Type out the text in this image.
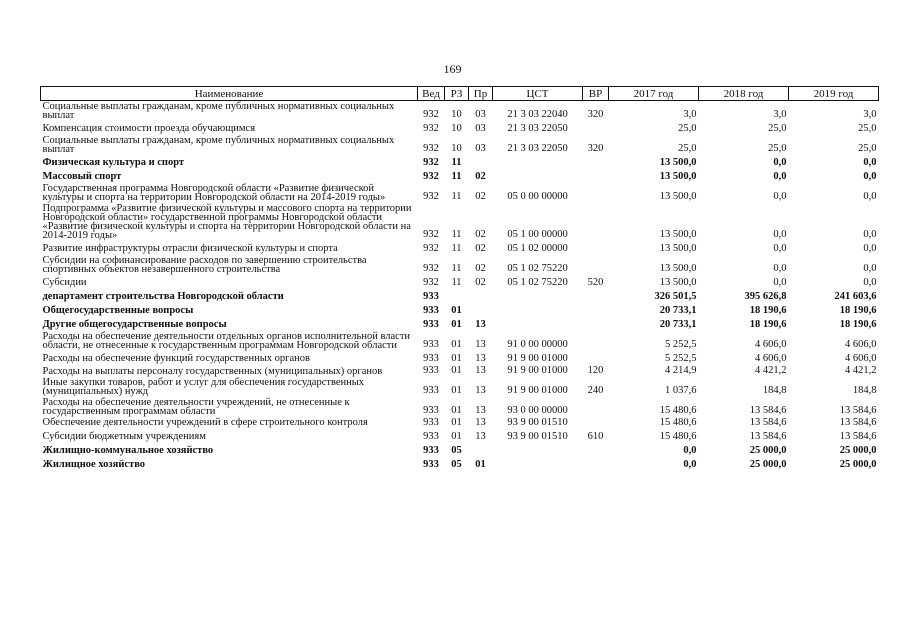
169
Наименование	Вед	РЗ	Пр	ЦСТ	ВР	2017 год	2018 год	2019 год
Социальные выплаты гражданам, кроме публичных нормативных социальных выплат	932	10	03	21 3 03 22040	320	3,0	3,0	3,0
Компенсация стоимости проезда обучающимся	932	10	03	21 3 03 22050		25,0	25,0	25,0
Социальные выплаты гражданам, кроме публичных нормативных социальных выплат	932	10	03	21 3 03 22050	320	25,0	25,0	25,0
Физическая культура и спорт	932	11				13 500,0	0,0	0,0
Массовый спорт	932	11	02			13 500,0	0,0	0,0
Государственная программа Новгородской области «Развитие физической культуры и спорта на территории Новгородской области на 2014-2019 годы»	932	11	02	05 0 00 00000		13 500,0	0,0	0,0
Подпрограмма «Развитие физической культуры и массового спорта на территории Новгородской области» государственной программы Новгородской области «Развитие физической культуры и спорта на территории Новгородской области на 2014-2019 годы»	932	11	02	05 1 00 00000		13 500,0	0,0	0,0
Развитие инфраструктуры отрасли физической культуры и спорта	932	11	02	05 1 02 00000		13 500,0	0,0	0,0
Субсидии на софинансирование расходов по завершению строительства спортивных объектов незавершенного строительства	932	11	02	05 1 02 75220		13 500,0	0,0	0,0
Субсидии	932	11	02	05 1 02 75220	520	13 500,0	0,0	0,0
департамент строительства Новгородской области	933					326 501,5	395 626,8	241 603,6
Общегосударственные вопросы	933	01				20 733,1	18 190,6	18 190,6
Другие общегосударственные вопросы	933	01	13			20 733,1	18 190,6	18 190,6
Расходы на обеспечение деятельности отдельных органов исполнительной власти области, не отнесенные к государственным программам Новгородской области	933	01	13	91 0 00 00000		5 252,5	4 606,0	4 606,0
Расходы на обеспечение функций государственных органов	933	01	13	91 9 00 01000		5 252,5	4 606,0	4 606,0
Расходы на выплаты персоналу государственных (муниципальных) органов	933	01	13	91 9 00 01000	120	4 214,9	4 421,2	4 421,2
Иные закупки товаров, работ и услуг для обеспечения государственных (муниципальных) нужд	933	01	13	91 9 00 01000	240	1 037,6	184,8	184,8
Расходы на обеспечение деятельности учреждений, не отнесенные к государственным программам области	933	01	13	93 0 00 00000		15 480,6	13 584,6	13 584,6
Обеспечение деятельности учреждений в сфере строительного контроля	933	01	13	93 9 00 01510		15 480,6	13 584,6	13 584,6
Субсидии бюджетным учреждениям	933	01	13	93 9 00 01510	610	15 480,6	13 584,6	13 584,6
Жилищно-коммунальное хозяйство	933	05				0,0	25 000,0	25 000,0
Жилищное хозяйство	933	05	01			0,0	25 000,0	25 000,0
